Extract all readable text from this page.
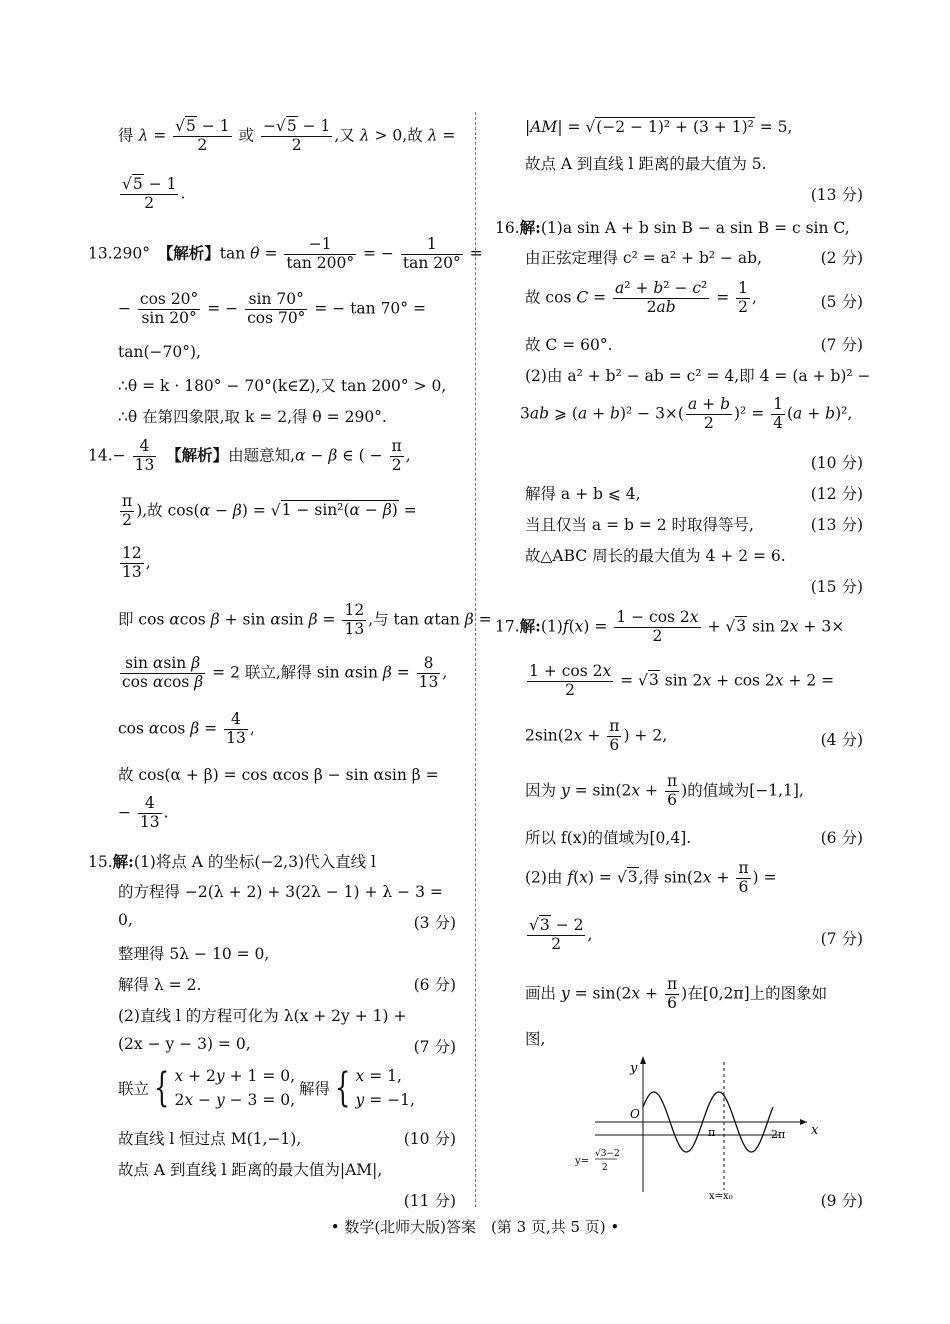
得 $\lambda = \frac{√5 - 1}{2}$ 或 $\frac{-√5 - 1}{2}$ ,又 λ > 0,故 λ =
$\frac{√5 - 1}{2}$ .
13.290°　 【解析】$\tan \theta = \frac{-1}{\tan 200^\circ}$ = − $\frac{1}{\tan 20^\circ}$ =
− $\frac{\cos 20^\circ}{\sin 20^\circ}$ = − $\frac{\sin 70^\circ}{\cos 70^\circ}$ = − tan 70° =
tan(−70°),
∴θ = k · 180° − 70°(k∈Z),又 tan 200° > 0,
∴θ 在第四象限,取 k = 2,得 θ = 290°.
$14.- \frac{4}{13}$
　 【解析】由题意知,α − β ∈ ( − $\frac{\pi}{2}$ ,
$\frac{\pi}{2}$ ),故 cos(α − β) = √1 − sin²(α − β) =
$\frac{12}{13}$ ,
即 cos αcos β + sin αsin $\beta = \frac{12}{13}$ ,与 tan αtan β =
$\frac{\text{sin αsin β}}{\text{cos αcos β}} = 2$ 联立,解得 sin αsin $\beta = \frac{8}{13}$ ,
cos αcos $\beta = \frac{4}{13}$ ,
故 cos(α + β) = cos αcos β − sin αsin β =
− $\frac{4}{13}$ .
15.解:(1)将点 A 的坐标(−2,3)代入直线 l
的方程得 −2(λ + 2) + 3(2λ − 1) + λ − 3 =
0,	(3 分)
整理得 5λ − 10 = 0,
解得 λ = 2.	(6 分)
(2)直线 l 的方程可化为 λ(x + 2y + 1) +
(2x − y − 3) = 0,	(7 分)
联立	{	x + 2y + 1 = 0,
2x − y − 3 = 0,	解得	{	x = 1,
y = −1,
故直线 l 恒过点 M(1,−1),	(10 分)
故点 A 到直线 l 距离的最大值为|AM|,
(11 分)
|AM| = √(−2 − 1)² + (3 + 1)² = 5,
故点 A 到直线 l 距离的最大值为 5.
(13 分)
16.解:(1)a sin A + b sin B − a sin B = c sin C,
由正弦定理得 c² = a² + b² − ab,	(2 分)
故 $\cos C = \frac{\text{a² + b² − c²}}{2ab} = \frac{1}{2}$ ,	(5 分)
故 C = 60°.	(7 分)
(2)由 a² + b² − ab = c² = 4,即 4 = (a + b)² −
3ab ⩾ $(a + b)^2 - 3\times( \frac{a + b}{2} )^2 = \frac{1}{4} (a + b)^2$,
(10 分)
解得 a + b ⩽ 4,	(12 分)
当且仅当 a = b = 2 时取得等号,	(13 分)
故△ABC 周长的最大值为 4 + 2 = 6.
(15 分)
17.解:(1)f(x) = $\frac{1 - \cos 2x}{2} + √3$ sin 2x + 3×
$\frac{1 + \cos 2x}{2} = √3$ sin 2x + cos 2x + 2 =
$2\sin(2x + \frac{\pi}{6}$ ) + 2,	(4 分)
因为 $y = \sin(2x + \frac{\pi}{6}$ )的值域为[−1,1],
所以 f(x)的值域为[0,4].	(6 分)
(2)由 f(x) = √3,得 $\sin(2x + \frac{\pi}{6}$ ) =
$\frac{√3 - 2}{2}$ ,	(7 分)
画出 $y = \sin(2x + \frac{\pi}{6}$ )在[0,2π]上的图象如
图,
y
x
O
π	2π
y=
√3−2
2
x=x₀	(9 分)
• 数学(北师大版)答案　(第 3 页,共 5 页) •
